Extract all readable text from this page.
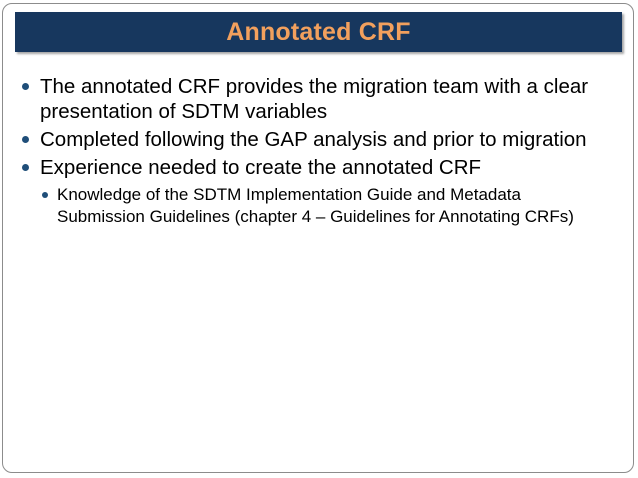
Annotated CRF
The annotated CRF provides the migration team with a clear presentation of SDTM variables
Completed following the GAP analysis and prior to migration
Experience needed to create the annotated CRF
Knowledge of the SDTM Implementation Guide and Metadata Submission Guidelines (chapter 4 – Guidelines for Annotating CRFs)
